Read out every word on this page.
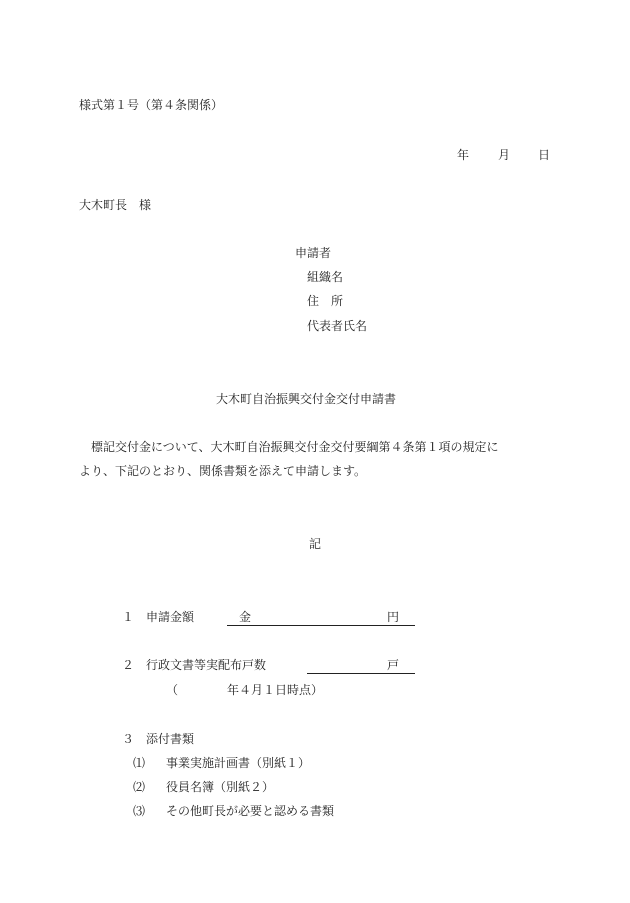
様式第１号（第４条関係）
年 月 日
大木町長　様
申請者
組織名
住　所
代表者氏名
大木町自治振興交付金交付申請書
標記交付金について、大木町自治振興交付金交付要綱第４条第１項の規定に
より、下記のとおり、関係書類を添えて申請します。
記
１ 申請金額	金	円
２ 行政文書等実配布戸数	戸
（	年４月１日時点）
３ 添付書類
⑴ 事業実施計画書（別紙１）
⑵ 役員名簿（別紙２）
⑶ その他町長が必要と認める書類
